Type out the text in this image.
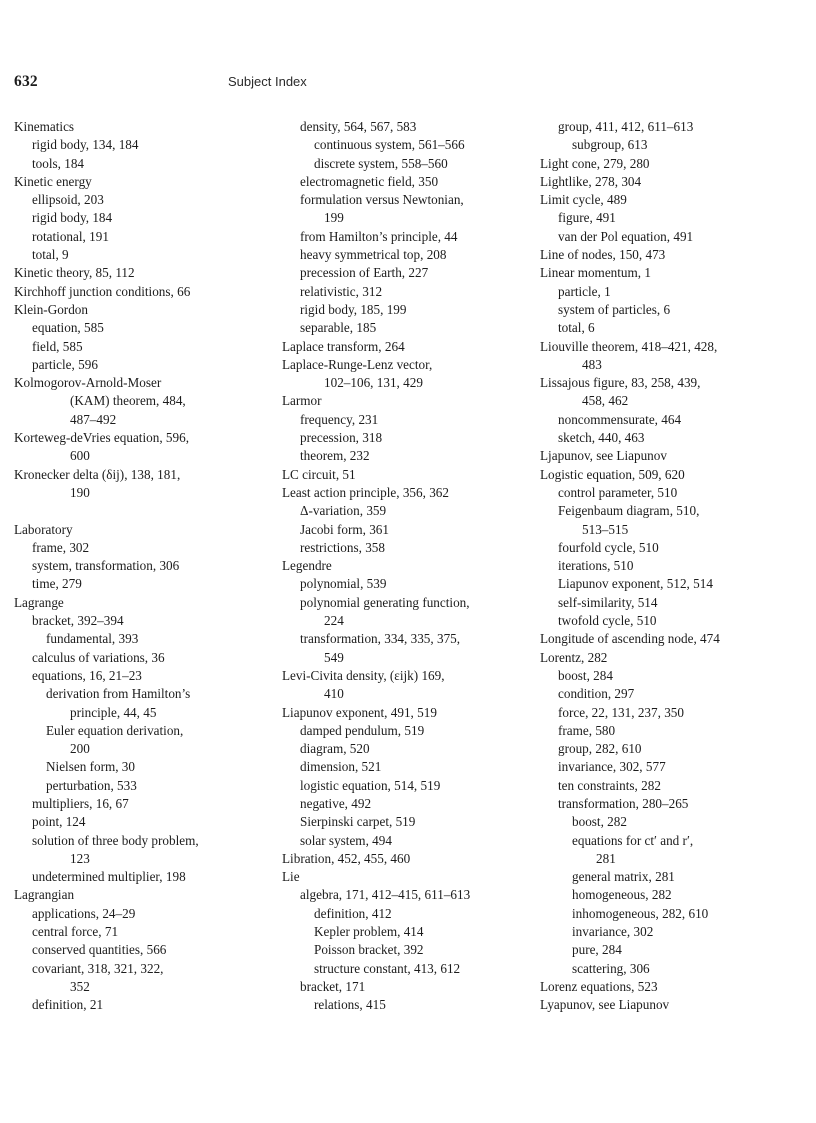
632	Subject Index
Kinematics
rigid body, 134, 184
tools, 184
Kinetic energy
ellipsoid, 203
rigid body, 184
rotational, 191
total, 9
Kinetic theory, 85, 112
Kirchhoff junction conditions, 66
Klein-Gordon
equation, 585
field, 585
particle, 596
Kolmogorov-Arnold-Moser
(KAM) theorem, 484,
487–492
Korteweg-deVries equation, 596,
600
Kronecker delta (δij), 138, 181,
190
Laboratory
frame, 302
system, transformation, 306
time, 279
Lagrange
bracket, 392–394
fundamental, 393
calculus of variations, 36
equations, 16, 21–23
derivation from Hamilton’s
principle, 44, 45
Euler equation derivation,
200
Nielsen form, 30
perturbation, 533
multipliers, 16, 67
point, 124
solution of three body problem,
123
undetermined multiplier, 198
Lagrangian
applications, 24–29
central force, 71
conserved quantities, 566
covariant, 318, 321, 322,
352
definition, 21
density, 564, 567, 583
continuous system, 561–566
discrete system, 558–560
electromagnetic field, 350
formulation versus Newtonian,
199
from Hamilton’s principle, 44
heavy symmetrical top, 208
precession of Earth, 227
relativistic, 312
rigid body, 185, 199
separable, 185
Laplace transform, 264
Laplace-Runge-Lenz vector,
102–106, 131, 429
Larmor
frequency, 231
precession, 318
theorem, 232
LC circuit, 51
Least action principle, 356, 362
Δ-variation, 359
Jacobi form, 361
restrictions, 358
Legendre
polynomial, 539
polynomial generating function,
224
transformation, 334, 335, 375,
549
Levi-Civita density, (εijk) 169,
410
Liapunov exponent, 491, 519
damped pendulum, 519
diagram, 520
dimension, 521
logistic equation, 514, 519
negative, 492
Sierpinski carpet, 519
solar system, 494
Libration, 452, 455, 460
Lie
algebra, 171, 412–415, 611–613
definition, 412
Kepler problem, 414
Poisson bracket, 392
structure constant, 413, 612
bracket, 171
relations, 415
group, 411, 412, 611–613
subgroup, 613
Light cone, 279, 280
Lightlike, 278, 304
Limit cycle, 489
figure, 491
van der Pol equation, 491
Line of nodes, 150, 473
Linear momentum, 1
particle, 1
system of particles, 6
total, 6
Liouville theorem, 418–421, 428,
483
Lissajous figure, 83, 258, 439,
458, 462
noncommensurate, 464
sketch, 440, 463
Ljapunov, see Liapunov
Logistic equation, 509, 620
control parameter, 510
Feigenbaum diagram, 510,
513–515
fourfold cycle, 510
iterations, 510
Liapunov exponent, 512, 514
self-similarity, 514
twofold cycle, 510
Longitude of ascending node, 474
Lorentz, 282
boost, 284
condition, 297
force, 22, 131, 237, 350
frame, 580
group, 282, 610
invariance, 302, 577
ten constraints, 282
transformation, 280–265
boost, 282
equations for ct′ and r′,
281
general matrix, 281
homogeneous, 282
inhomogeneous, 282, 610
invariance, 302
pure, 284
scattering, 306
Lorenz equations, 523
Lyapunov, see Liapunov
